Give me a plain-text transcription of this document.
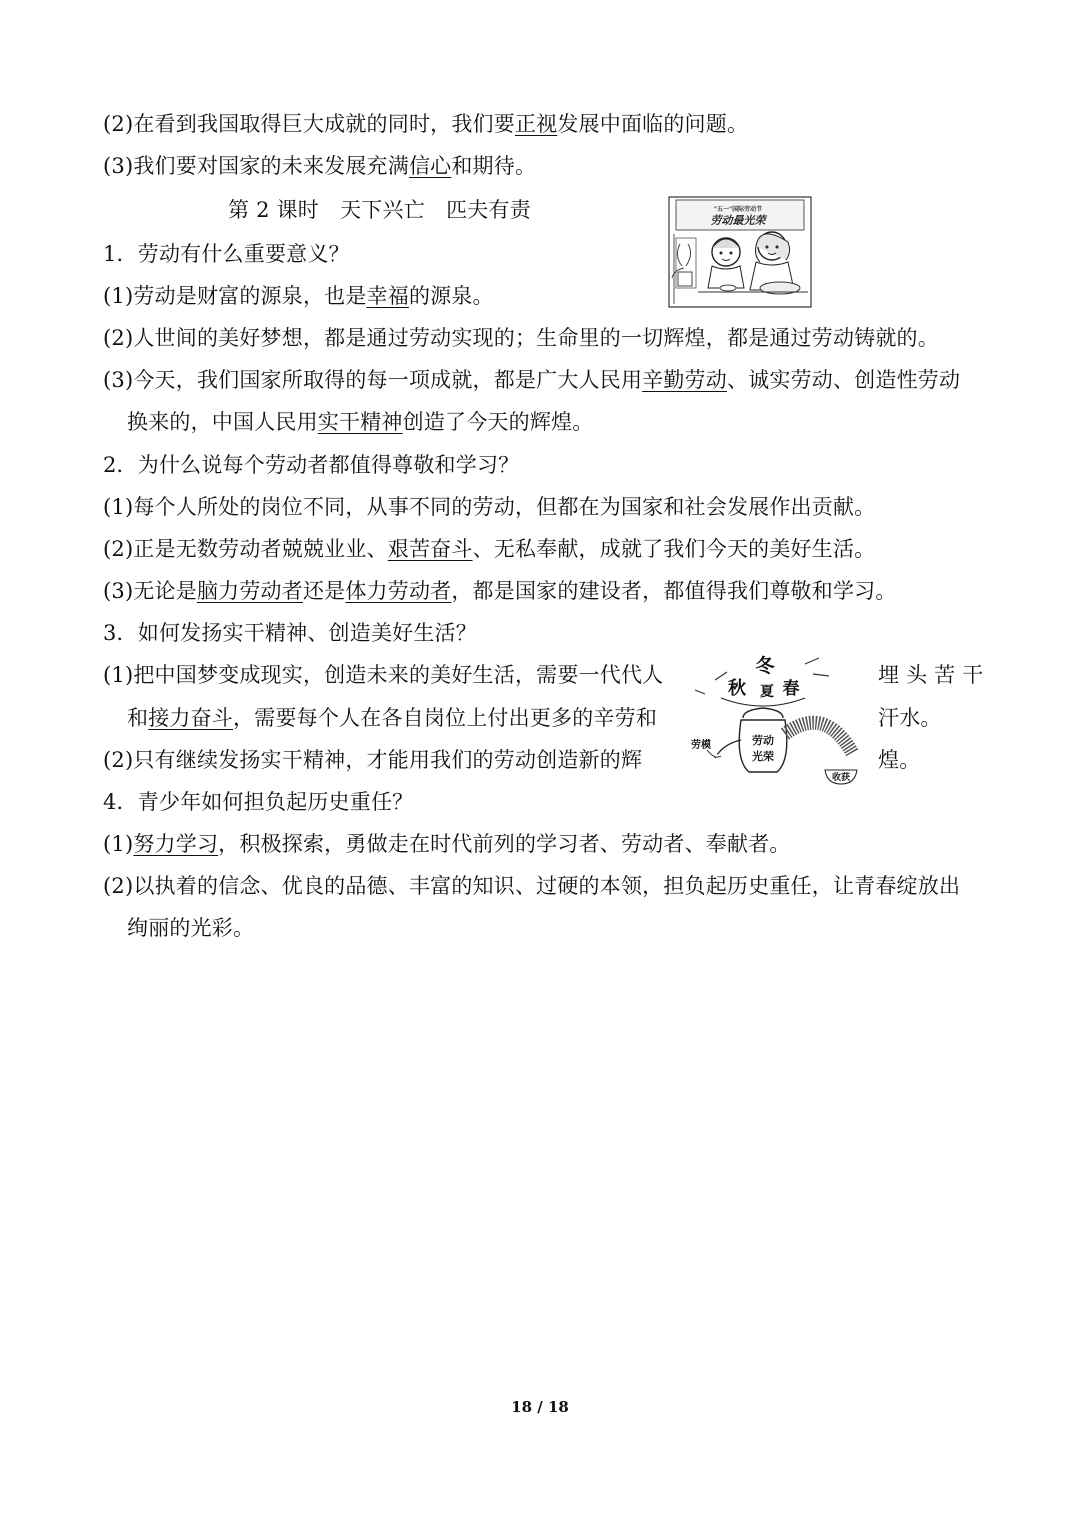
(2)在看到我国取得巨大成就的同时，我们要正视发展中面临的问题。
(3)我们要对国家的未来发展充满信心和期待。
第 2 课时　天下兴亡　匹夫有责	"五一"国际劳动节
劳动最光荣
1．劳动有什么重要意义？
(1)劳动是财富的源泉，也是幸福的源泉。
(2)人世间的美好梦想，都是通过劳动实现的；生命里的一切辉煌，都是通过劳动铸就的。
(3)今天，我们国家所取得的每一项成就，都是广大人民用辛勤劳动、诚实劳动、创造性劳动
换来的，中国人民用实干精神创造了今天的辉煌。
2．为什么说每个劳动者都值得尊敬和学习？
(1)每个人所处的岗位不同，从事不同的劳动，但都在为国家和社会发展作出贡献。
(2)正是无数劳动者兢兢业业、艰苦奋斗、无私奉献，成就了我们今天的美好生活。
(3)无论是脑力劳动者还是体力劳动者，都是国家的建设者，都值得我们尊敬和学习。
3．如何发扬实干精神、创造美好生活？
(1)把中国梦变成现实，创造未来的美好生活，需要一代代人	埋 头 苦 干
和接力奋斗，需要每个人在各自岗位上付出更多的辛劳和	汗水。
(2)只有继续发扬实干精神，才能用我们的劳动创造新的辉	煌。
冬
秋 夏 春
劳动
光荣
劳模
收获
4．青少年如何担负起历史重任？
(1)努力学习，积极探索，勇做走在时代前列的学习者、劳动者、奉献者。
(2)以执着的信念、优良的品德、丰富的知识、过硬的本领，担负起历史重任，让青春绽放出
绚丽的光彩。
18 / 18
